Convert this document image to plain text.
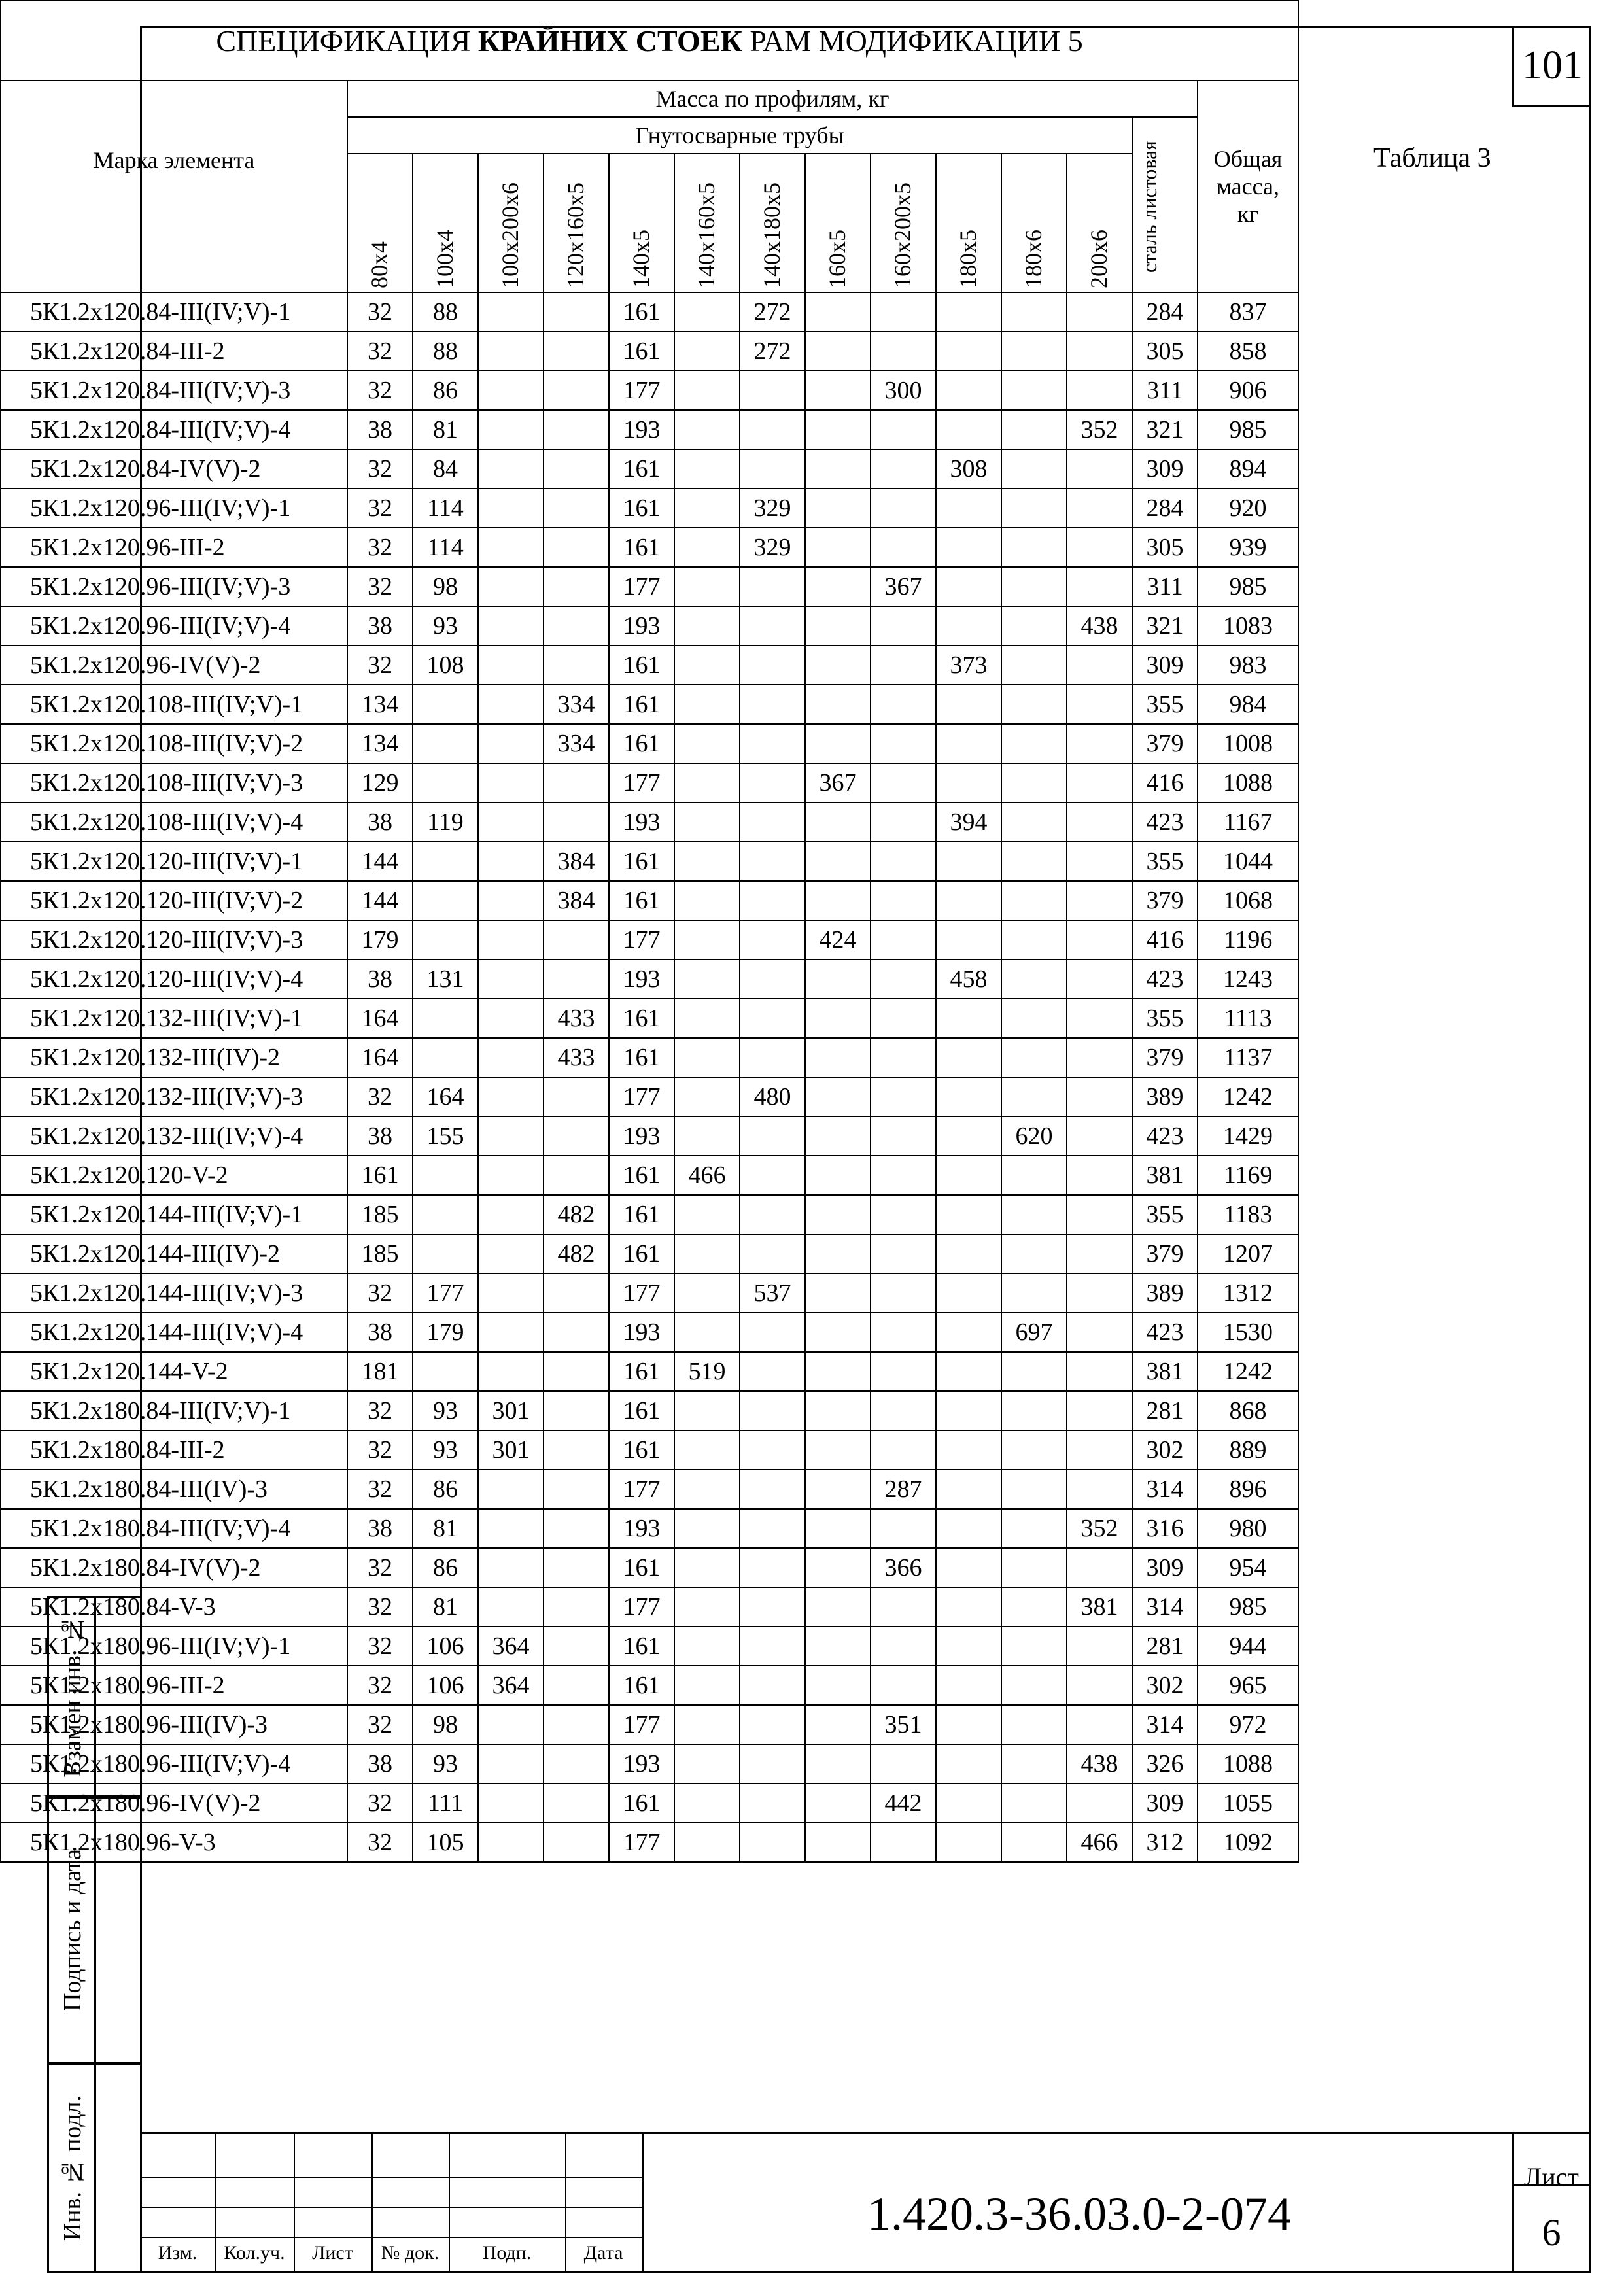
101
Таблица 3
СПЕЦИФИКАЦИЯ КРАЙНИХ СТОЕК РАМ МОДИФИКАЦИИ 5														
Марка элемента	Масса по профилям, кг													Общая масса, кг
	Гнутосварные трубы												сталь листовая	
	80х4	100х4	100х200х6	120х160х5	140х5	140х160х5	140х180х5	160х5	160х200х5	180х5	180х6	200х6		
5К1.2х120.84-III(IV;V)-1	32	88			161		272						284	837
5К1.2х120.84-III-2	32	88			161		272						305	858
5К1.2х120.84-III(IV;V)-3	32	86			177				300				311	906
5К1.2х120.84-III(IV;V)-4	38	81			193							352	321	985
5К1.2х120.84-IV(V)-2	32	84			161					308			309	894
5К1.2х120.96-III(IV;V)-1	32	114			161		329						284	920
5К1.2х120.96-III-2	32	114			161		329						305	939
5К1.2х120.96-III(IV;V)-3	32	98			177				367				311	985
5К1.2х120.96-III(IV;V)-4	38	93			193							438	321	1083
5К1.2х120.96-IV(V)-2	32	108			161					373			309	983
5К1.2х120.108-III(IV;V)-1	134			334	161								355	984
5К1.2х120.108-III(IV;V)-2	134			334	161								379	1008
5К1.2х120.108-III(IV;V)-3	129				177			367					416	1088
5К1.2х120.108-III(IV;V)-4	38	119			193					394			423	1167
5К1.2х120.120-III(IV;V)-1	144			384	161								355	1044
5К1.2х120.120-III(IV;V)-2	144			384	161								379	1068
5К1.2х120.120-III(IV;V)-3	179				177			424					416	1196
5К1.2х120.120-III(IV;V)-4	38	131			193					458			423	1243
5К1.2х120.132-III(IV;V)-1	164			433	161								355	1113
5К1.2х120.132-III(IV)-2	164			433	161								379	1137
5К1.2х120.132-III(IV;V)-3	32	164			177		480						389	1242
5К1.2х120.132-III(IV;V)-4	38	155			193						620		423	1429
5К1.2х120.120-V-2	161				161	466							381	1169
5К1.2х120.144-III(IV;V)-1	185			482	161								355	1183
5К1.2х120.144-III(IV)-2	185			482	161								379	1207
5К1.2х120.144-III(IV;V)-3	32	177			177		537						389	1312
5К1.2х120.144-III(IV;V)-4	38	179			193						697		423	1530
5К1.2х120.144-V-2	181				161	519							381	1242
5К1.2х180.84-III(IV;V)-1	32	93	301		161								281	868
5К1.2х180.84-III-2	32	93	301		161								302	889
5К1.2х180.84-III(IV)-3	32	86			177				287				314	896
5К1.2х180.84-III(IV;V)-4	38	81			193							352	316	980
5К1.2х180.84-IV(V)-2	32	86			161				366				309	954
5К1.2х180.84-V-3	32	81			177							381	314	985
5К1.2х180.96-III(IV;V)-1	32	106	364		161								281	944
5К1.2х180.96-III-2	32	106	364		161								302	965
5К1.2х180.96-III(IV)-3	32	98			177				351				314	972
5К1.2х180.96-III(IV;V)-4	38	93			193							438	326	1088
5К1.2х180.96-IV(V)-2	32	111			161				442				309	1055
5К1.2х180.96-V-3	32	105			177							466	312	1092
Взамен инв. №
Подпись и дата
Инв. № подл.
Изм.	Кол.уч.	Лист	№ док.	Подп.	Дата
1.420.3-36.03.0-2-074
Лист
6
